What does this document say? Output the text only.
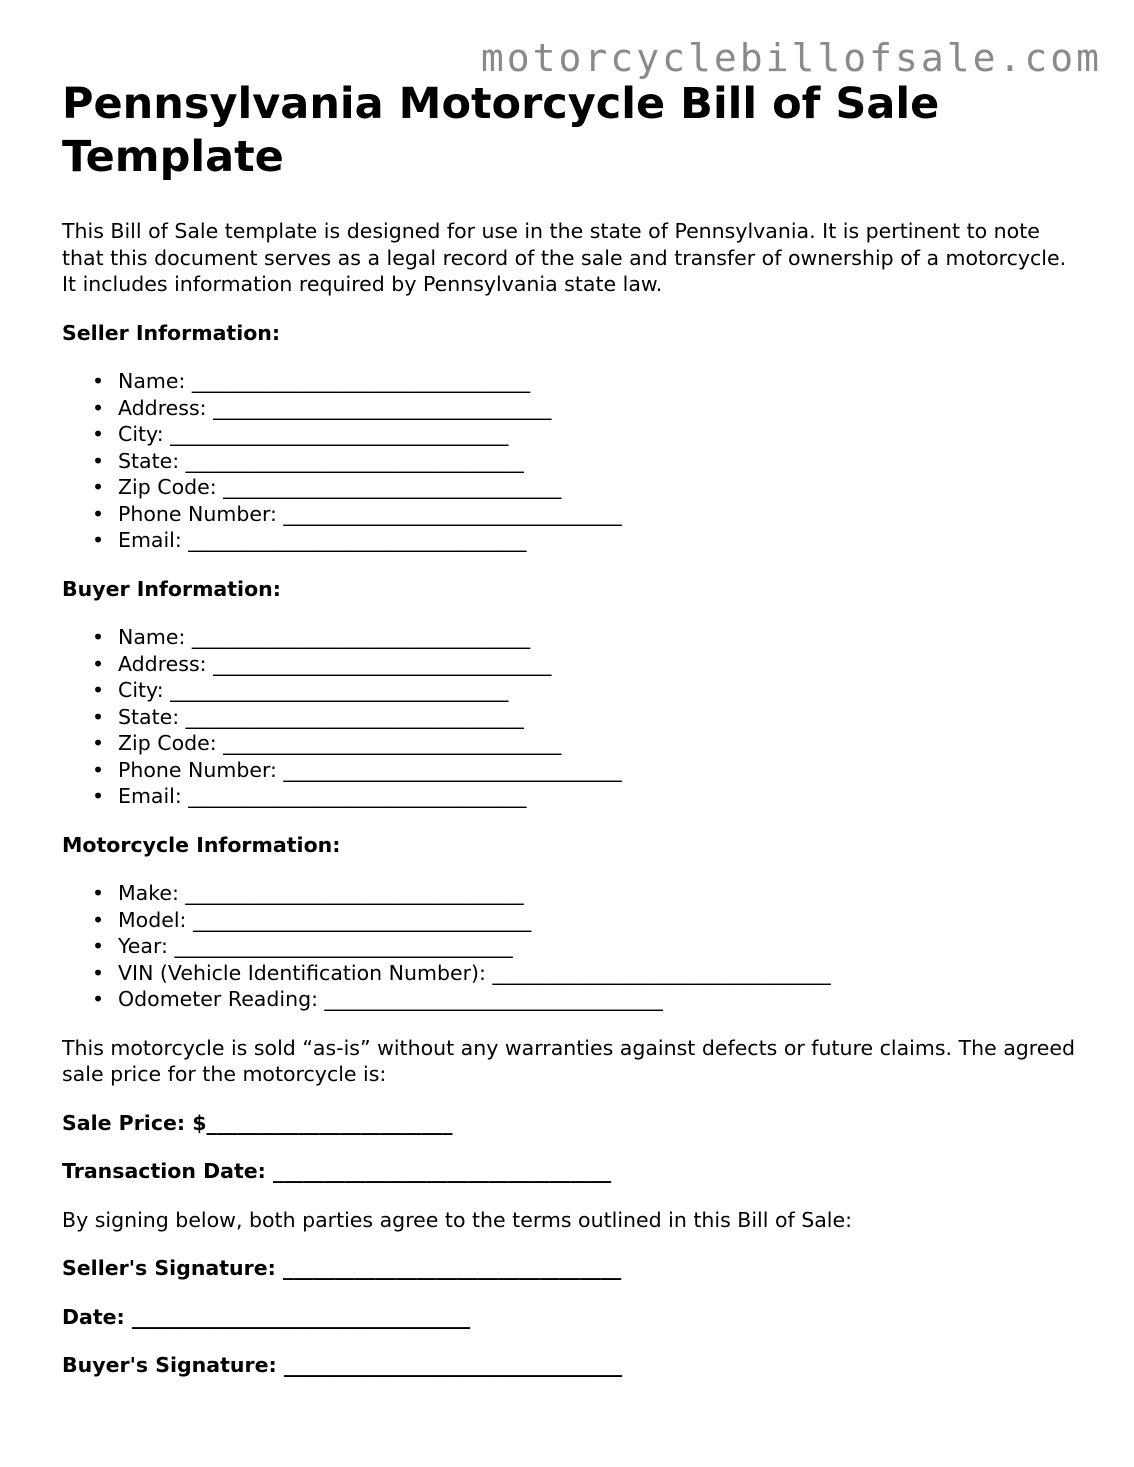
motorcyclebillofsale.com
Pennsylvania Motorcycle Bill of Sale Template

This Bill of Sale template is designed for use in the state of Pennsylvania. It is pertinent to note that this document serves as a legal record of the sale and transfer of ownership of a motorcycle. It includes information required by Pennsylvania state law.

Seller Information:

• Name: _________________________________
• Address: _________________________________
• City: _________________________________
• State: _________________________________
• Zip Code: _________________________________
• Phone Number: _________________________________
• Email: _________________________________

Buyer Information:

• Name: _________________________________
• Address: _________________________________
• City: _________________________________
• State: _________________________________
• Zip Code: _________________________________
• Phone Number: _________________________________
• Email: _________________________________

Motorcycle Information:

• Make: _________________________________
• Model: _________________________________
• Year: _________________________________
• VIN (Vehicle Identification Number): _________________________________
• Odometer Reading: _________________________________

This motorcycle is sold “as-is” without any warranties against defects or future claims. The agreed sale price for the motorcycle is:

Sale Price: $________________________

Transaction Date: _________________________________

By signing below, both parties agree to the terms outlined in this Bill of Sale:

Seller's Signature: _________________________________

Date: _________________________________

Buyer's Signature: _________________________________
